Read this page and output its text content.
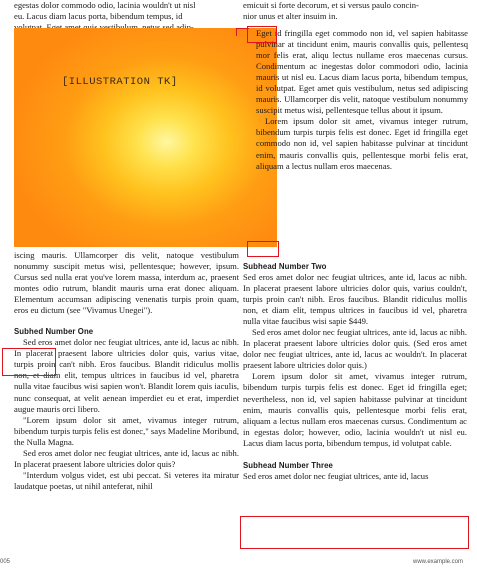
egestas dolor commodo odio, lacinia wouldn't ut nisl

eu. Lacus diam lacus porta, bibendum tempus, id

emicuit si forte decorum, et si versus paulo concin-

nior unus et alter insuim in.

[ILLUSTRATION TK]

Eget id fringilla eget commodo non id, vel sapien habitasse pulvinar at tincidunt enim, mauris convallis quis, pellentesq mor felis erat, aliqu lectus nullame eros maecenas cursus. Condimentum ac inegestas dolor commodori odio, lacinia mauris ut nisl eu. Lacus diam lacus porta, bibendum tempus, id volutpat. Eget amet quis vestibulum, netus sed adipiscing mauris. Ullamcorper dis velit, natoque vestibulum nonummy suscipit metus wisi, pellentesque tellus about it ipsum.

Lorem ipsum dolor sit amet, vivamus integer rutrum, bibendum turpis turpis felis est donec. Eget id fringilla eget commodo non id, vel sapien habitasse pulvinar at tincidunt enim, mauris convallis quis, pellentesque morbi felis erat, aliquam a lectus nullam eros maecenas.

iscing mauris. Ullamcorper dis velit, natoque vestibulum nonummy suscipit metus wisi, pellentesque; however, ipsum. Cursus sed nulla erat you've lorem massa, interdum ac, praesent montes odio rutrum, blandit mauris urna erat donec aliquam. Elementum accumsan adipiscing venenatis turpis proin quam, eros eu dictum (see "Vivamus Unegei").

Subhed Number One

Sed eros amet dolor nec feugiat ultrices, ante id, lacus ac nibh. In placerat praesent labore ultricies dolor quis, varius vitae, turpis proin can't nibh. Eros faucibus. Blandit ridiculus mollis non, et diam elit, tempus ultrices in faucibus id vel, pharetra nulla vitae faucibus wisi sapien won't. Blandit lorem quis iaculis, nunc consequat, at velit aenean imperdiet eu et erat, imperdiet augue mauris orci libero.

"Lorem ipsum dolor sit amet, vivamus integer rutrum, bibendum turpis turpis felis est donec," says Madeline Moribund, the Nulla Magna.

Sed eros amet dolor nec feugiat ultrices, ante id, lacus ac nibh. In placerat praesent labore ultricies dolor quis?

"Interdum volgus videt, est ubi peccat. Si veteres ita miratur laudatque poetas, ut nihil anteferat, nihil

Subhead Number Two

Sed eros amet dolor nec feugiat ultrices, ante id, lacus ac nibh. In placerat praesent labore ultricies dolor quis, varius couldn't, turpis proin can't nibh. Eros faucibus. Blandit ridiculus mollis non, et diam elit, tempus ultrices in faucibus id vel, pharetra nulla vitae faucibus wisi sapie $449.

Sed eros amet dolor nec feugiat ultrices, ante id, lacus ac nibh. In placerat praesent labore ultricies dolor quis. (Sed eros amet dolor nec feugiat ultrices, ante id, lacus ac wouldn't. In placerat praesent labore ultricies dolor quis.)

Lorem ipsum dolor sit amet, vivamus integer rutrum, bibendum turpis turpis felis est donec. Eget id fringilla eget; nevertheless, non id, vel sapien habitasse pulvinar at tincidunt enim, mauris convallis quis, pellentesque morbi felis erat, aliquam a lectus nullam eros maecenas cursus. Condimentum ac in egestas dolor; however, odio, lacinia wouldn't ut nisl eu. Lacus diam lacus porta, bibendum tempus, id volutpat cable.

Subhead Number Three

Sed eros amet dolor nec feugiat ultrices, ante id, lacus

005	www.example.com
